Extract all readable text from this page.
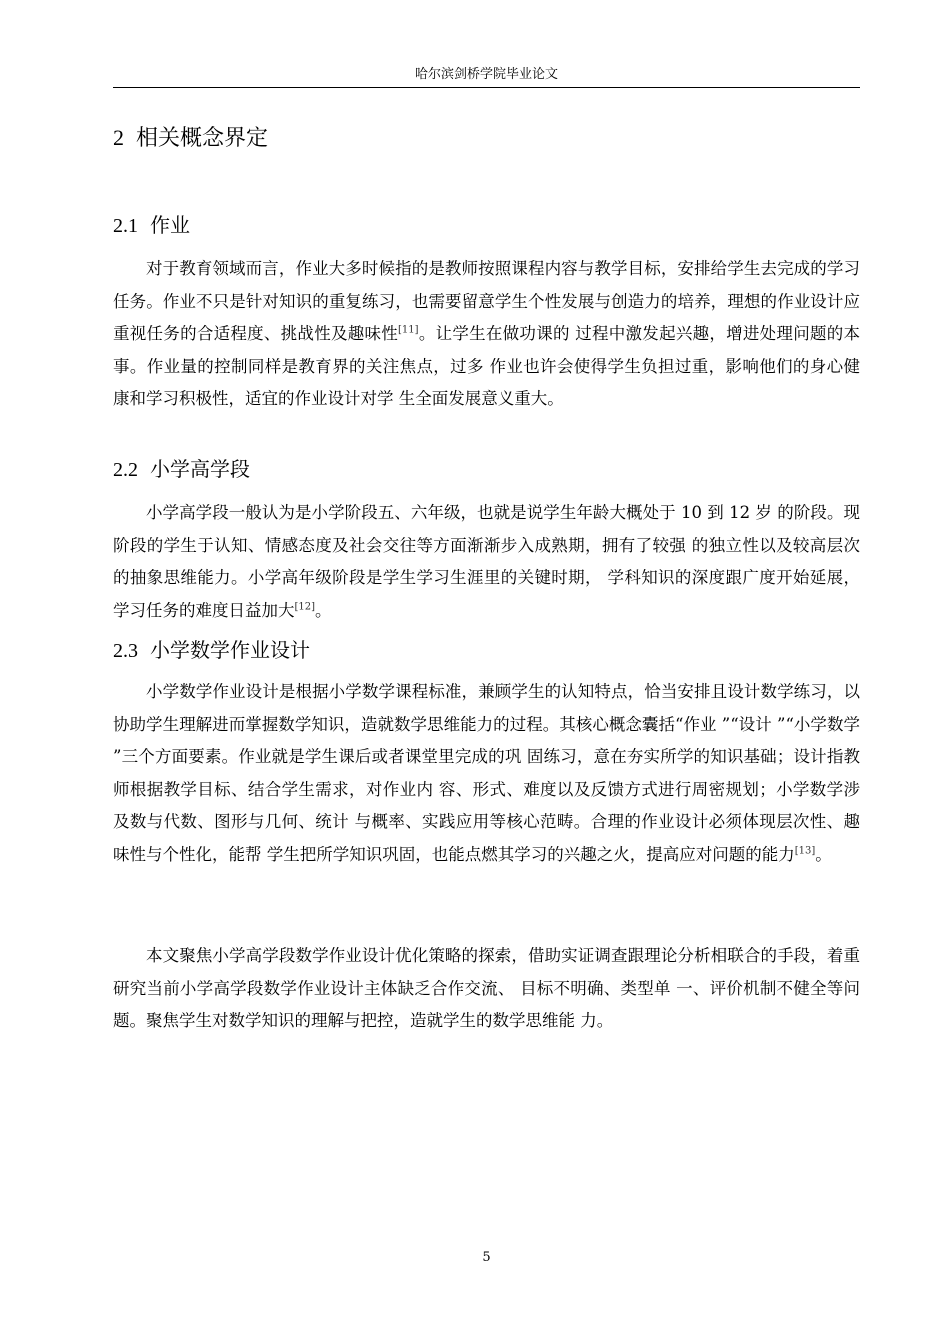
哈尔滨剑桥学院毕业论文
2 相关概念界定
2.1 作业

对于教育领域而言，作业大多时候指的是教师按照课程内容与教学目标，安排给学生去完成的学习任务。作业不只是针对知识的重复练习，也需要留意学生个性发展与创造力的培养，理想的作业设计应重视任务的合适程度、挑战性及趣味性[11]。让学生在做功课的 过程中激发起兴趣，增进处理问题的本事。作业量的控制同样是教育界的关注焦点，过多 作业也许会使得学生负担过重，影响他们的身心健康和学习积极性，适宜的作业设计对学 生全面发展意义重大。

2.2 小学高学段

小学高学段一般认为是小学阶段五、六年级，也就是说学生年龄大概处于 10 到 12 岁 的阶段。现阶段的学生于认知、情感态度及社会交往等方面渐渐步入成熟期，拥有了较强 的独立性以及较高层次的抽象思维能力。小学高年级阶段是学生学习生涯里的关键时期， 学科知识的深度跟广度开始延展，学习任务的难度日益加大[12]。

2.3 小学数学作业设计

小学数学作业设计是根据小学数学课程标准，兼顾学生的认知特点，恰当安排且设计数学练习，以协助学生理解进而掌握数学知识，造就数学思维能力的过程。其核心概念囊括“作业 ”“设计 ”“小学数学 ”三个方面要素。作业就是学生课后或者课堂里完成的巩 固练习，意在夯实所学的知识基础；设计指教师根据教学目标、结合学生需求，对作业内 容、形式、难度以及反馈方式进行周密规划；小学数学涉及数与代数、图形与几何、统计 与概率、实践应用等核心范畴。合理的作业设计必须体现层次性、趣味性与个性化，能帮 学生把所学知识巩固，也能点燃其学习的兴趣之火，提高应对问题的能力[13]。

本文聚焦小学高学段数学作业设计优化策略的探索，借助实证调查跟理论分析相联合的手段，着重研究当前小学高学段数学作业设计主体缺乏合作交流、 目标不明确、类型单 一、评价机制不健全等问题。聚焦学生对数学知识的理解与把控，造就学生的数学思维能 力。

5
